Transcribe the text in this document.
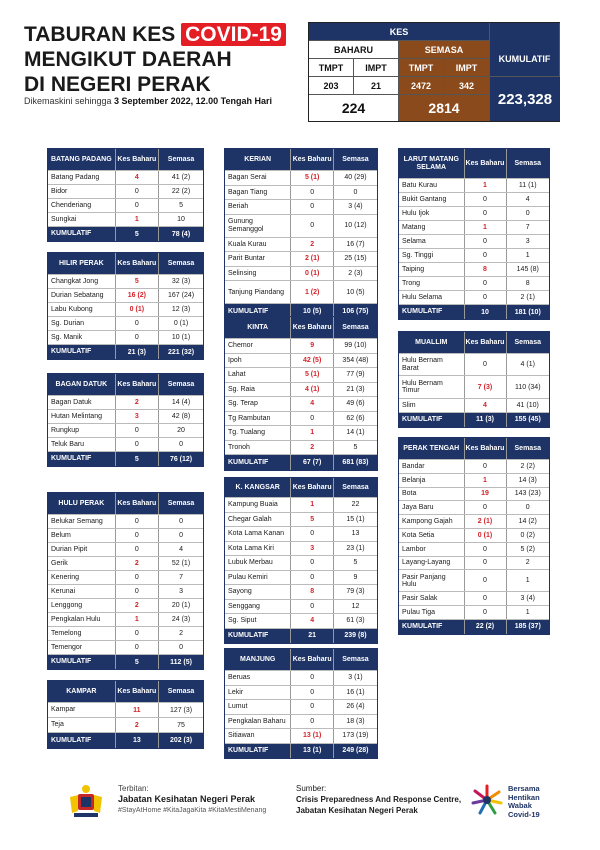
TABURAN KES COVID-19
MENGIKUT DAERAH
DI NEGERI PERAK
Dikemaskini sehingga 3 September 2022, 12.00 Tengah Hari
KES
BAHARU	SEMASA
KUMULATIF
TMPT	IMPT	TMPT	IMPT
203	21	2472	342
224	2814
223,328
BATANG PADANG Kes Baharu	Semasa
Batang Padang	4	41 (2)
Bidor	0	22 (2)
Chenderiang	0	5
Sungkai	1	10
KUMULATIF	5	78 (4)
HILIR PERAK	Kes Baharu	Semasa
Changkat Jong	5	32 (3)
Durian Sebatang	16 (2)	167 (24)
Labu Kubong	0 (1)	12 (3)
Sg. Durian	0	0 (1)
Sg. Manik	0	10 (1)
KUMULATIF	21 (3)	221 (32)
BAGAN DATUK	Kes Baharu	Semasa
Bagan Datuk	2	14 (4)
Hutan Melintang	3	42 (8)
Rungkup	0	20
Teluk Baru	0	0
KUMULATIF	5	76 (12)
HULU PERAK	Kes Baharu	Semasa
Belukar Semang	0	0
Belum	0	0
Durian Pipit	0	4
Gerik	2	52 (1)
Kenering	0	7
Kerunai	0	3
Lenggong	2	20 (1)
Pengkalan Hulu	1	24 (3)
Temelong	0	2
Temengor	0	0
KUMULATIF	5	112 (5)
KAMPAR	Kes Baharu	Semasa
Kampar	11	127 (3)
Teja	2	75
KUMULATIF	13	202 (3)
KERIAN	Kes Baharu	Semasa
Bagan Serai	5 (1)	40 (29)
Bagan Tiang	0	0
Beriah	0	3 (4)
Gunung Semanggol	0	10 (12)
Kuala Kurau	2	16 (7)
Parit Buntar	2 (1)	25 (15)
Selinsing	0 (1)	2 (3)
Tanjung Piandang	1 (2)	10 (5)
KUMULATIF	10 (5)	106 (75)
KINTA	Kes Baharu	Semasa
Chemor	9	99 (10)
Ipoh	42 (5)	354 (48)
Lahat	5 (1)	77 (9)
Sg. Raia	4 (1)	21 (3)
Sg. Terap	4	49 (6)
Tg Rambutan	0	62 (6)
Tg. Tualang	1	14 (1)
Tronoh	2	5
KUMULATIF	67 (7)	681 (83)
K. KANGSAR	Kes Baharu	Semasa
Kampung Buaia	1	22
Chegar Galah	5	15 (1)
Kota Lama Kanan	0	13
Kota Lama Kiri	3	23 (1)
Lubuk Merbau	0	5
Pulau Kemiri	0	9
Sayong	8	79 (3)
Senggang	0	12
Sg. Siput	4	61 (3)
KUMULATIF	21	239 (8)
MANJUNG	Kes Baharu	Semasa
Beruas	0	3 (1)
Lekir	0	16 (1)
Lumut	0	26 (4)
Pengkalan Baharu	0	18 (3)
Sitiawan	13 (1)	173 (19)
KUMULATIF	13 (1)	249 (28)
LARUT MATANG SELAMA	Kes Baharu	Semasa
Batu Kurau	1	11 (1)
Bukit Gantang	0	4
Hulu Ijok	0	0
Matang	1	7
Selama	0	3
Sg. Tinggi	0	1
Taiping	8	145 (8)
Trong	0	8
Hulu Selama	0	2 (1)
KUMULATIF	10	181 (10)
MUALLIM	Kes Baharu	Semasa
Hulu Bernam Barat	0	4 (1)
Hulu Bernam Timur	7 (3)	110 (34)
Slim	4	41 (10)
KUMULATIF	11 (3)	155 (45)
PERAK TENGAH Kes Baharu	Semasa
Bandar	0	2 (2)
Belanja	1	14 (3)
Bota	19	143 (23)
Jaya Baru	0	0
Kampong Gajah	2 (1)	14 (2)
Kota Setia	0 (1)	0 (2)
Lambor	0	5 (2)
Layang-Layang	0	2
Pasir Panjang Hulu	0	1
Pasir Salak	0	3 (4)
Pulau Tiga	0	1
KUMULATIF	22 (2)	185 (37)
Terbitan:
Jabatan Kesihatan Negeri Perak
#StayAtHome #KitaJagaKita #KitaMestiMenang
Sumber:
Crisis Preparedness And Response Centre,
Jabatan Kesihatan Negeri Perak
Bersama
Hentikan
Wabak
Covid-19
